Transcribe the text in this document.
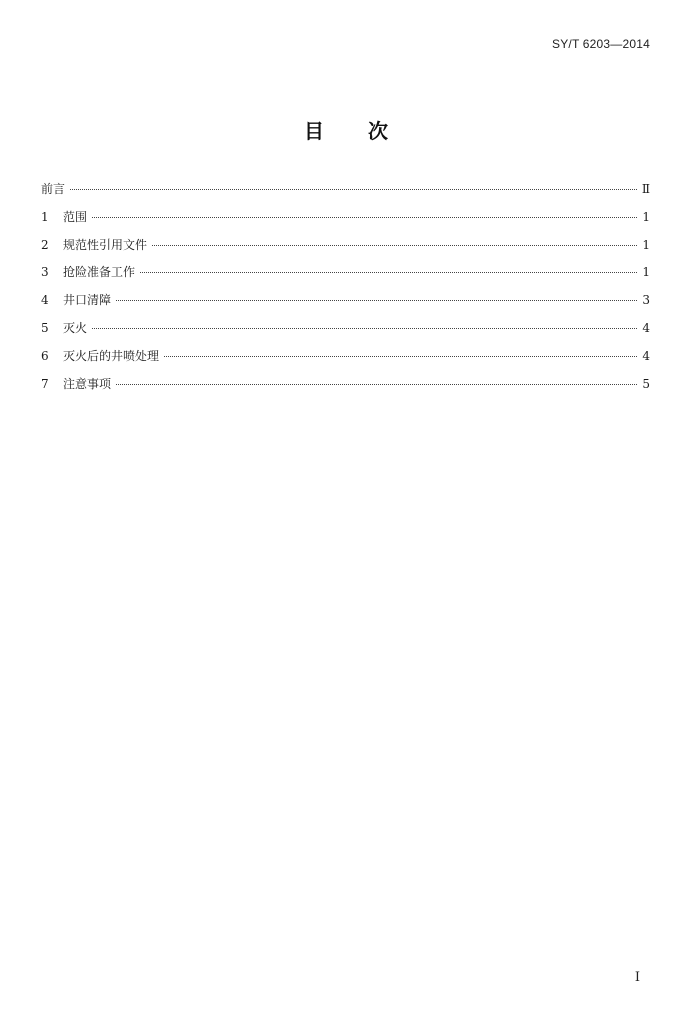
SY/T 6203—2014
目次
前言	Ⅱ
1	范围	1
2	规范性引用文件	1
3	抢险准备工作	1
4	井口清障	3
5	灭火	4
6	灭火后的井喷处理	4
7	注意事项	5
I
